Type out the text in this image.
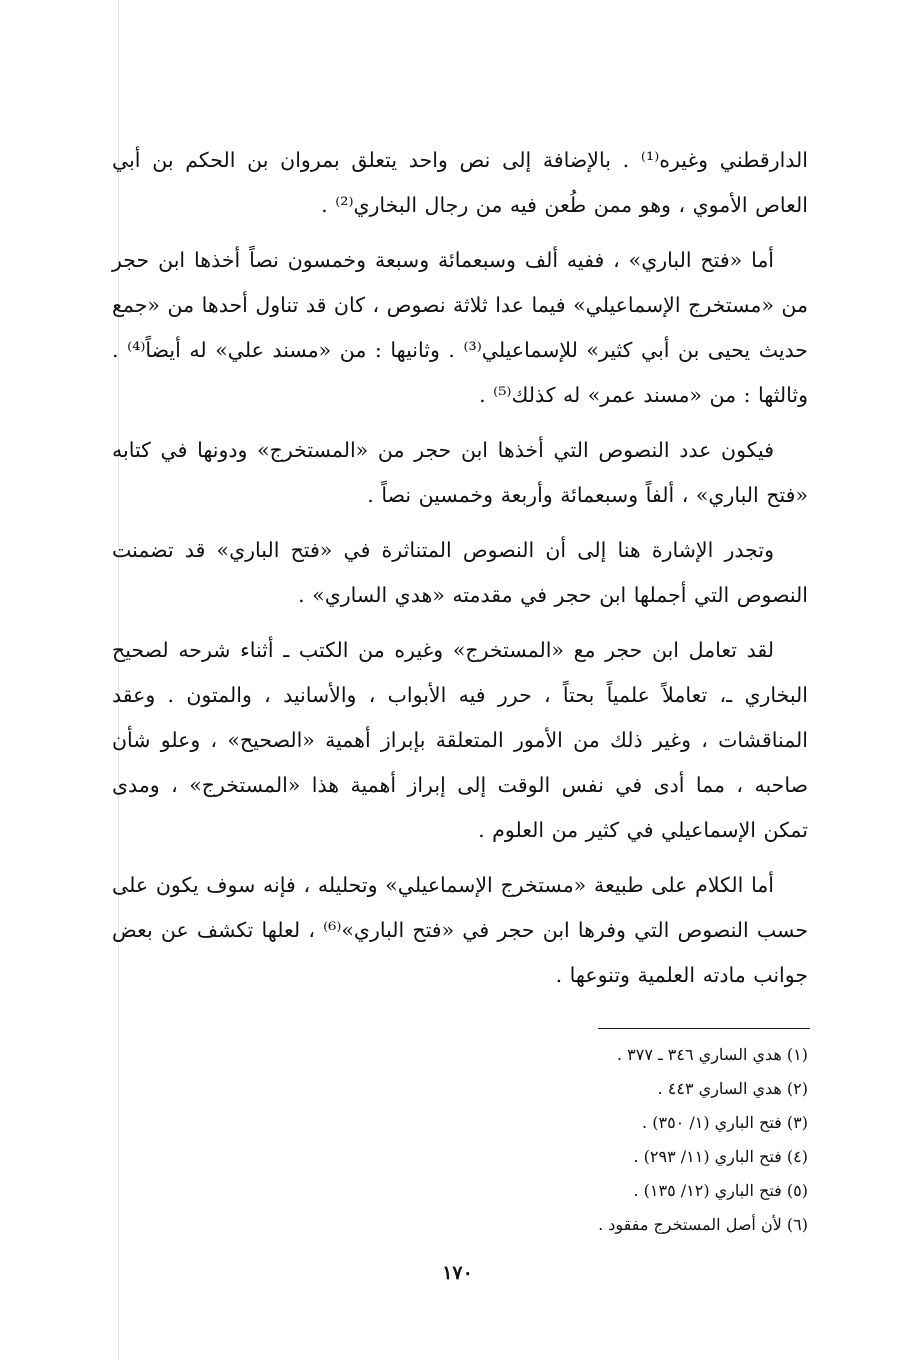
الدارقطني وغيره⁽¹⁾ . بالإضافة إلى نص واحد يتعلق بمروان بن الحكم بن أبي العاص الأموي ، وهو ممن طُعن فيه من رجال البخاري⁽²⁾ .

أما «فتح الباري» ، ففيه ألف وسبعمائة وسبعة وخمسون نصاً أخذها ابن حجر من «مستخرج الإسماعيلي» فيما عدا ثلاثة نصوص ، كان قد تناول أحدها من «جمع حديث يحيى بن أبي كثير» للإسماعيلي⁽³⁾ . وثانيها : من «مسند علي» له أيضاً⁽⁴⁾ . وثالثها : من «مسند عمر» له كذلك⁽⁵⁾ .

فيكون عدد النصوص التي أخذها ابن حجر من «المستخرج» ودونها في كتابه «فتح الباري» ، ألفاً وسبعمائة وأربعة وخمسين نصاً .

وتجدر الإشارة هنا إلى أن النصوص المتناثرة في «فتح الباري» قد تضمنت النصوص التي أجملها ابن حجر في مقدمته «هدي الساري» .

لقد تعامل ابن حجر مع «المستخرج» وغيره من الكتب ـ أثناء شرحه لصحيح البخاري ـ، تعاملاً علمياً بحتاً ، حرر فيه الأبواب ، والأسانيد ، والمتون . وعقد المناقشات ، وغير ذلك من الأمور المتعلقة بإبراز أهمية «الصحيح» ، وعلو شأن صاحبه ، مما أدى في نفس الوقت إلى إبراز أهمية هذا «المستخرج» ، ومدى تمكن الإسماعيلي في كثير من العلوم .

أما الكلام على طبيعة «مستخرج الإسماعيلي» وتحليله ، فإنه سوف يكون على حسب النصوص التي وفرها ابن حجر في «فتح الباري»⁽⁶⁾ ، لعلها تكشف عن بعض جوانب مادته العلمية وتنوعها .

(١) هدي الساري ٣٤٦ ـ ٣٧٧ .

(٢) هدي الساري ٤٤٣ .

(٣) فتح الباري (١/ ٣٥٠) .

(٤) فتح الباري (١١/ ٢٩٣) .

(٥) فتح الباري (١٢/ ١٣٥) .

(٦) لأن أصل المستخرج مفقود .

١٧٠
